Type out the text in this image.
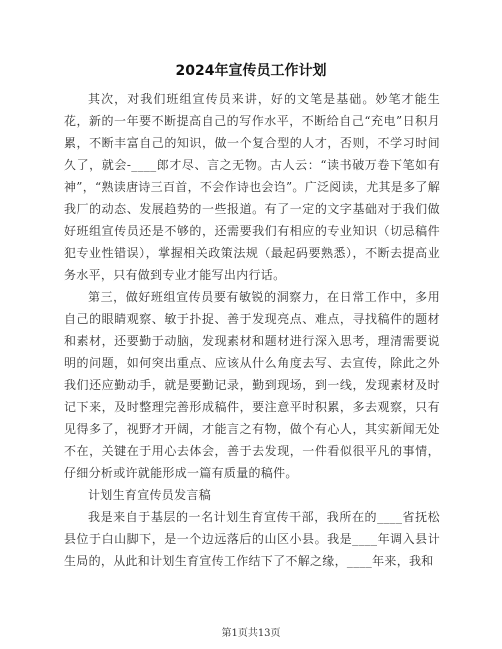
2024年宣传员工作计划

其次，对我们班组宣传员来讲，好的文笔是基础。妙笔才能生花，新的一年要不断提高自己的写作水平，不断给自己“充电”日积月累，不断丰富自己的知识，做一个复合型的人才，否则，不学习时间久了，就会-____郎才尽、言之无物。古人云：“读书破万卷下笔如有神”，“熟读唐诗三百首，不会作诗也会诌”。广泛阅读，尤其是多了解我厂的动态、发展趋势的一些报道。有了一定的文字基础对于我们做好班组宣传员还是不够的，还需要我们有相应的专业知识（切忌稿件犯专业性错误），掌握相关政策法规（最起码要熟悉），不断去提高业务水平，只有做到专业才能写出内行话。

第三，做好班组宣传员要有敏锐的洞察力，在日常工作中，多用自己的眼睛观察、敏于扑捉、善于发现亮点、难点，寻找稿件的题材和素材，还要勤于动脑，发现素材和题材进行深入思考，理清需要说明的问题，如何突出重点、应该从什么角度去写、去宣传，除此之外我们还应勤动手，就是要勤记录，勤到现场，到一线，发现素材及时记下来，及时整理完善形成稿件，要注意平时积累，多去观察，只有见得多了，视野才开阔，才能言之有物，做个有心人，其实新闻无处不在，关键在于用心去体会，善于去发现，一件看似很平凡的事情，仔细分析或许就能形成一篇有质量的稿件。

计划生育宣传员发言稿

我是来自于基层的一名计划生育宣传干部，我所在的____省抚松县位于白山脚下，是一个边远落后的山区小县。我是____年调入县计生局的，从此和计划生育宣传工作结下了不解之缘，____年来，我和

第1页共13页
